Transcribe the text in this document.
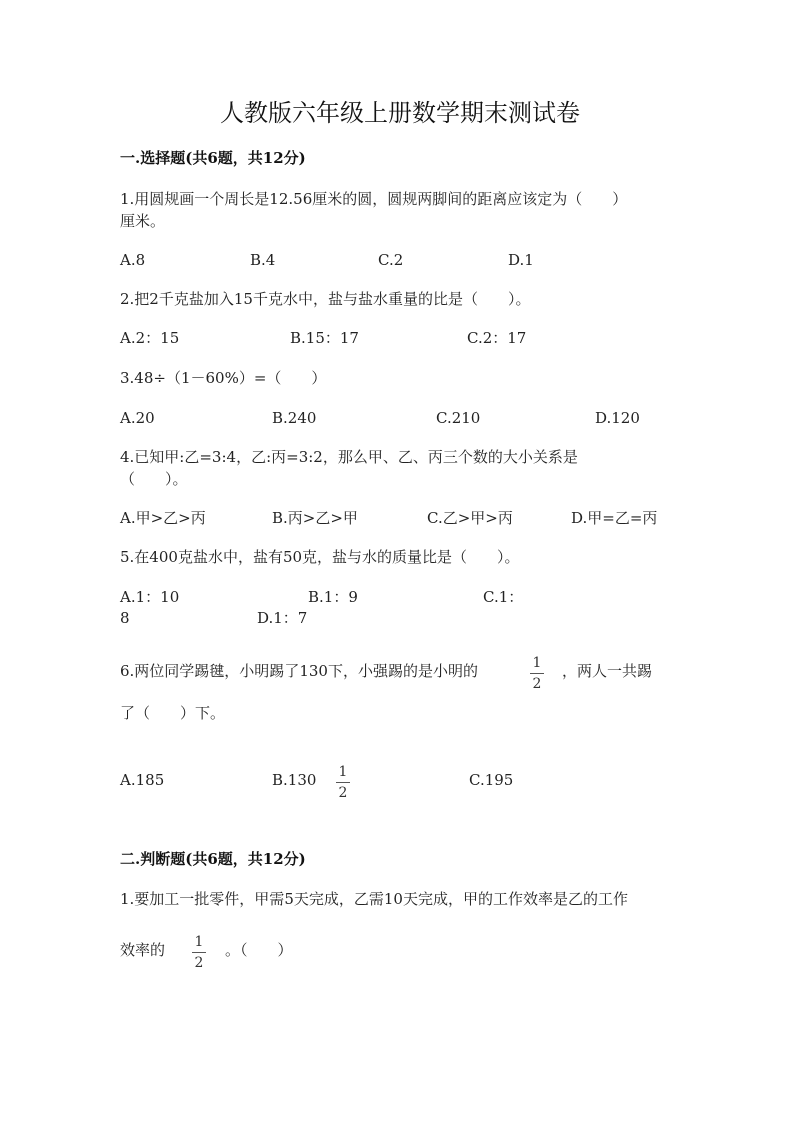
人教版六年级上册数学期末测试卷
一.选择题(共6题，共12分)
1.用圆规画一个周长是12.56厘米的圆，圆规两脚间的距离应该定为（　　）
厘米。
A.8	B.4	C.2	D.1
2.把2千克盐加入15千克水中，盐与盐水重量的比是（　　）。
A.2：15	B.15：17	C.2：17
3.48÷（1－60%）=（　　）
A.20	B.240	C.210	D.120
4.已知甲:乙=3:4，乙:丙=3:2，那么甲、乙、丙三个数的大小关系是
（　　）。
A.甲>乙>丙	B.丙>乙>甲	C.乙>甲>丙	D.甲=乙=丙
5.在400克盐水中，盐有50克，盐与水的质量比是（　　）。
A.1：10	B.1：9	C.1：
8	D.1：7
6.两位同学踢毽，小明踢了130下，小强踢的是小明的	1
2
，两人一共踢
了（　　）下。
A.185	B.130	1
2
C.195
二.判断题(共6题，共12分)
1.要加工一批零件，甲需5天完成，乙需10天完成，甲的工作效率是乙的工作
效率的	1
2
。（　　）
